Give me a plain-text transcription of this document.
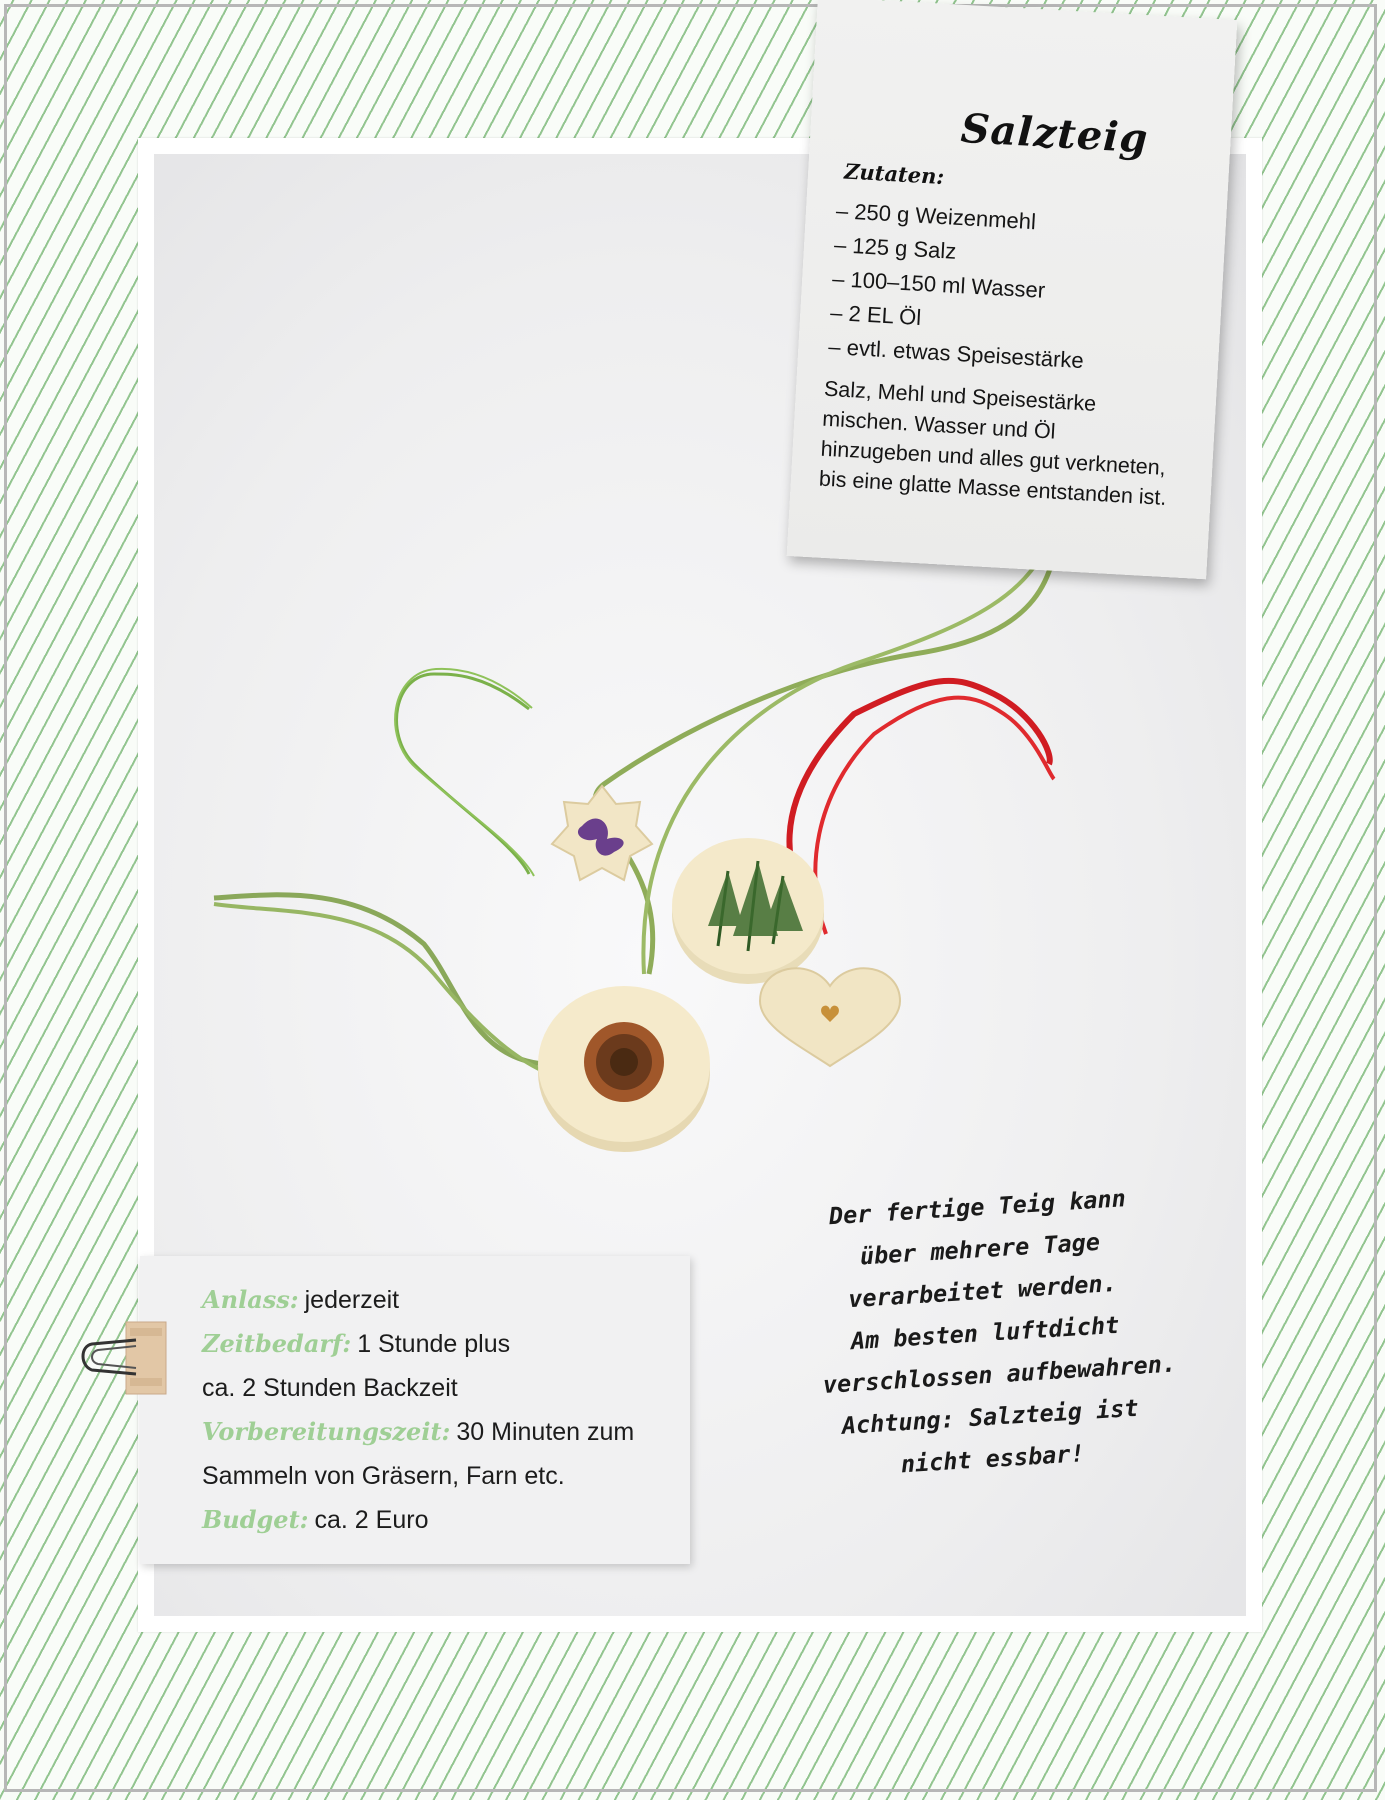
Salzteig
Zutaten:
– 250 g Weizenmehl
– 125 g Salz
– 100–150 ml Wasser
– 2 EL Öl
– evtl. etwas Speisestärke

Salz, Mehl und Speisestärke mischen. Wasser und Öl hinzugeben und alles gut verkneten, bis eine glatte Masse entstanden ist.

Anlass: jederzeit
Zeitbedarf: 1 Stunde plus
ca. 2 Stunden Backzeit
Vorbereitungszeit: 30 Minuten zum
Sammeln von Gräsern, Farn etc.
Budget: ca. 2 Euro
Der fertige Teig kann
über mehrere Tage
verarbeitet werden.
Am besten luftdicht
verschlossen aufbewahren.
Achtung: Salzteig ist
nicht essbar!
